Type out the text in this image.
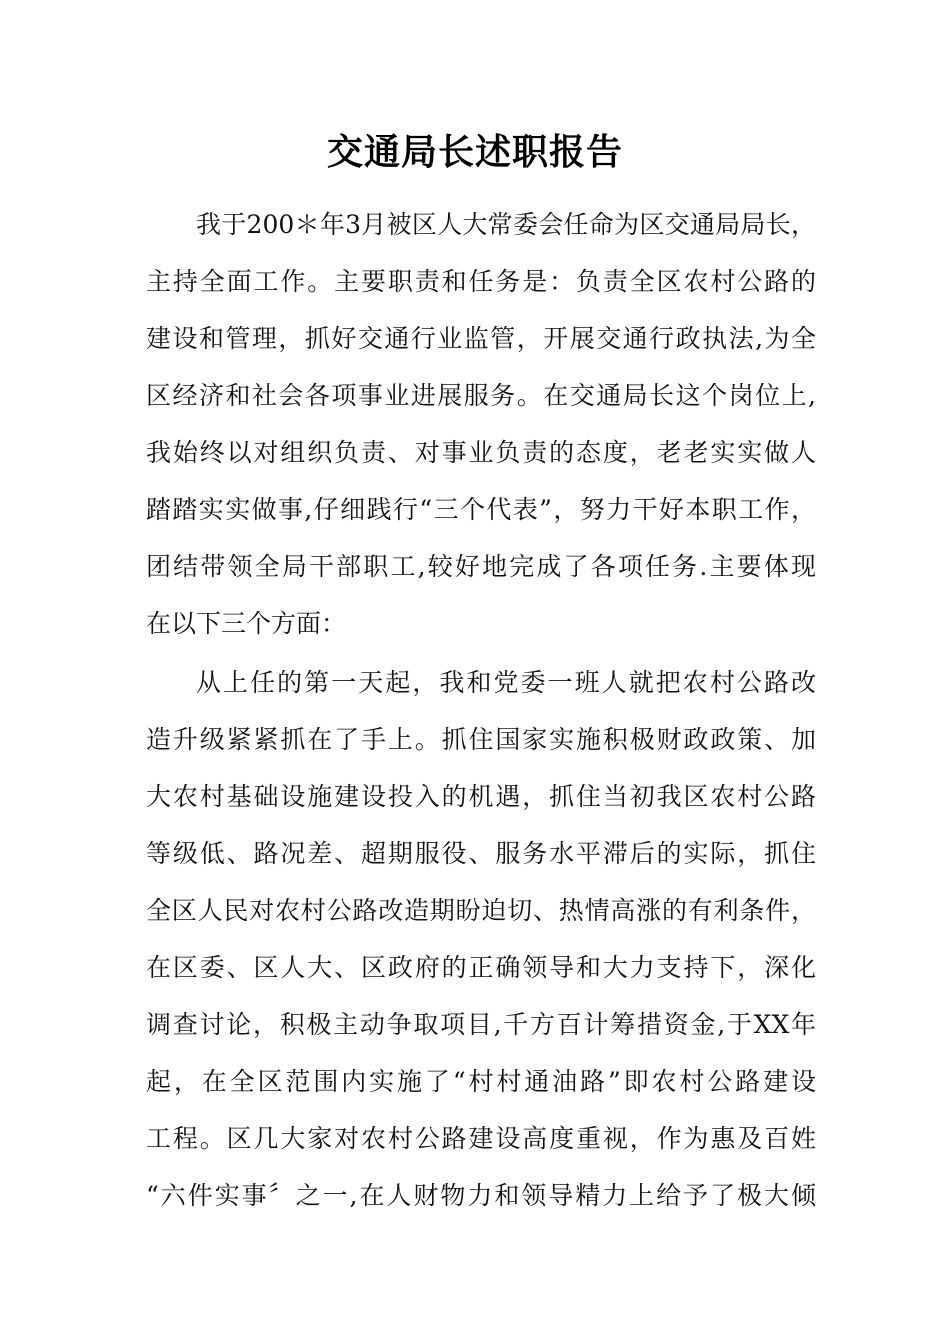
交通局长述职报告
我于200＊年3月被区人大常委会任命为区交通局局长，
主持全面工作。主要职责和任务是：负责全区农村公路的
建设和管理，抓好交通行业监管，开展交通行政执法,为全
区经济和社会各项事业进展服务。在交通局长这个岗位上,
我始终以对组织负责、对事业负责的态度，老老实实做人
踏踏实实做事,仔细践行“三个代表”，努力干好本职工作，
团结带领全局干部职工,较好地完成了各项任务.主要体现
在以下三个方面：
从上任的第一天起，我和党委一班人就把农村公路改
造升级紧紧抓在了手上。抓住国家实施积极财政政策、加
大农村基础设施建设投入的机遇，抓住当初我区农村公路
等级低、路况差、超期服役、服务水平滞后的实际，抓住
全区人民对农村公路改造期盼迫切、热情高涨的有利条件，
在区委、区人大、区政府的正确领导和大力支持下，深化
调查讨论，积极主动争取项目,千方百计筹措资金,于XX年
起，在全区范围内实施了“村村通油路”即农村公路建设
工程。区几大家对农村公路建设高度重视，作为惠及百姓
“六件实事〞之一,在人财物力和领导精力上给予了极大倾
